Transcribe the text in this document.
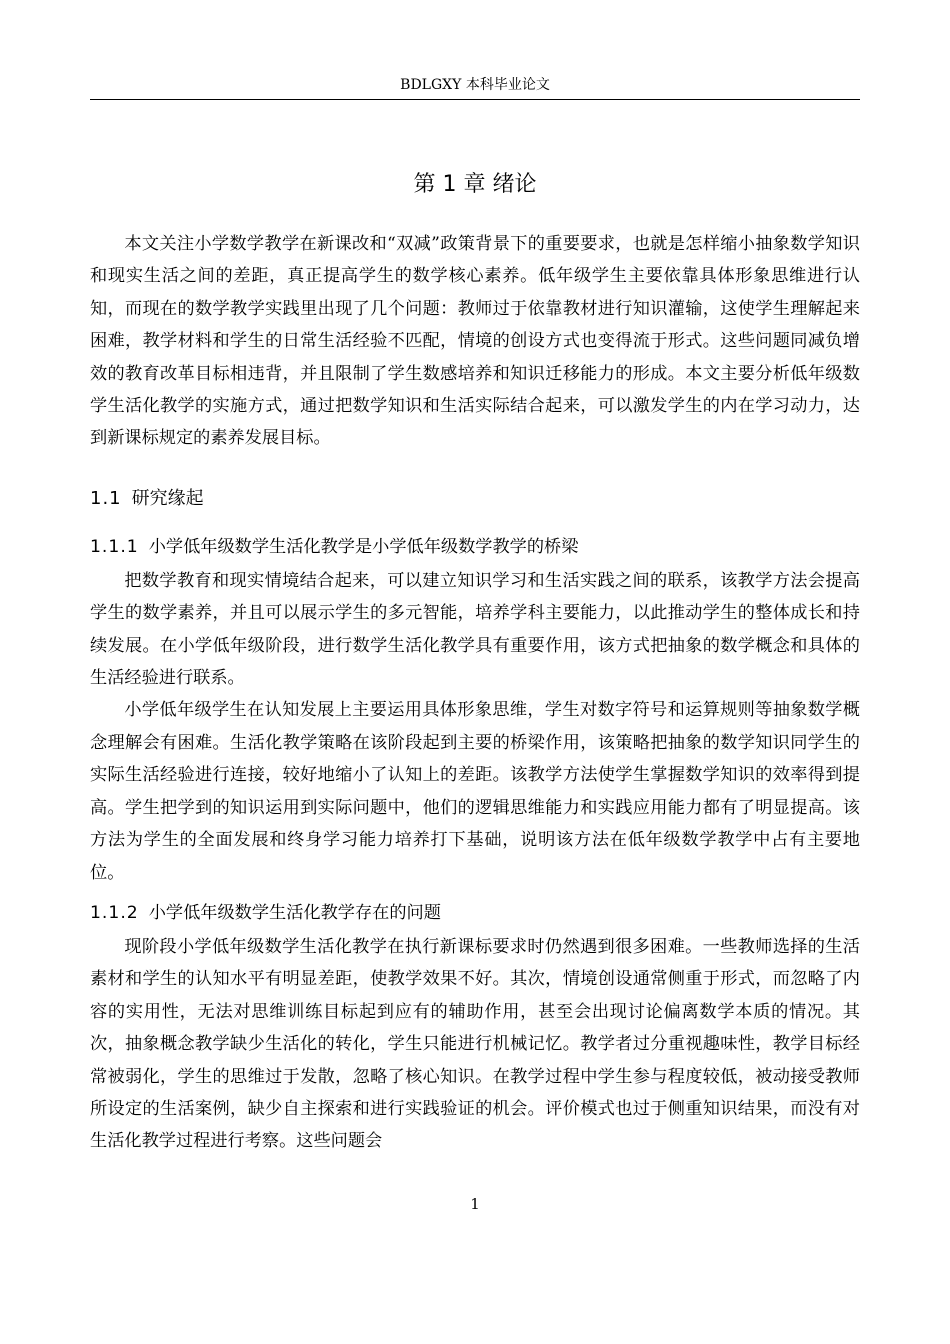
BDLGXY 本科毕业论文
第 1 章 绪论

本文关注小学数学教学在新课改和“双减”政策背景下的重要要求，也就是怎样缩小抽象数学知识和现实生活之间的差距，真正提高学生的数学核心素养。低年级学生主要依靠具体形象思维进行认知，而现在的数学教学实践里出现了几个问题：教师过于依靠教材进行知识灌输，这使学生理解起来困难，教学材料和学生的日常生活经验不匹配，情境的创设方式也变得流于形式。这些问题同减负增效的教育改革目标相违背，并且限制了学生数感培养和知识迁移能力的形成。本文主要分析低年级数学生活化教学的实施方式，通过把数学知识和生活实际结合起来，可以激发学生的内在学习动力，达到新课标规定的素养发展目标。

1.1 研究缘起
1.1.1 小学低年级数学生活化教学是小学低年级数学教学的桥梁

把数学教育和现实情境结合起来，可以建立知识学习和生活实践之间的联系，该教学方法会提高学生的数学素养，并且可以展示学生的多元智能，培养学科主要能力，以此推动学生的整体成长和持续发展。在小学低年级阶段，进行数学生活化教学具有重要作用，该方式把抽象的数学概念和具体的生活经验进行联系。

小学低年级学生在认知发展上主要运用具体形象思维，学生对数字符号和运算规则等抽象数学概念理解会有困难。生活化教学策略在该阶段起到主要的桥梁作用，该策略把抽象的数学知识同学生的实际生活经验进行连接，较好地缩小了认知上的差距。该教学方法使学生掌握数学知识的效率得到提高。学生把学到的知识运用到实际问题中，他们的逻辑思维能力和实践应用能力都有了明显提高。该方法为学生的全面发展和终身学习能力培养打下基础，说明该方法在低年级数学教学中占有主要地位。

1.1.2 小学低年级数学生活化教学存在的问题

现阶段小学低年级数学生活化教学在执行新课标要求时仍然遇到很多困难。一些教师选择的生活素材和学生的认知水平有明显差距，使教学效果不好。其次，情境创设通常侧重于形式，而忽略了内容的实用性，无法对思维训练目标起到应有的辅助作用，甚至会出现讨论偏离数学本质的情况。其次，抽象概念教学缺少生活化的转化，学生只能进行机械记忆。教学者过分重视趣味性，教学目标经常被弱化，学生的思维过于发散，忽略了核心知识。在教学过程中学生参与程度较低，被动接受教师所设定的生活案例，缺少自主探索和进行实践验证的机会。评价模式也过于侧重知识结果，而没有对生活化教学过程进行考察。这些问题会

1
